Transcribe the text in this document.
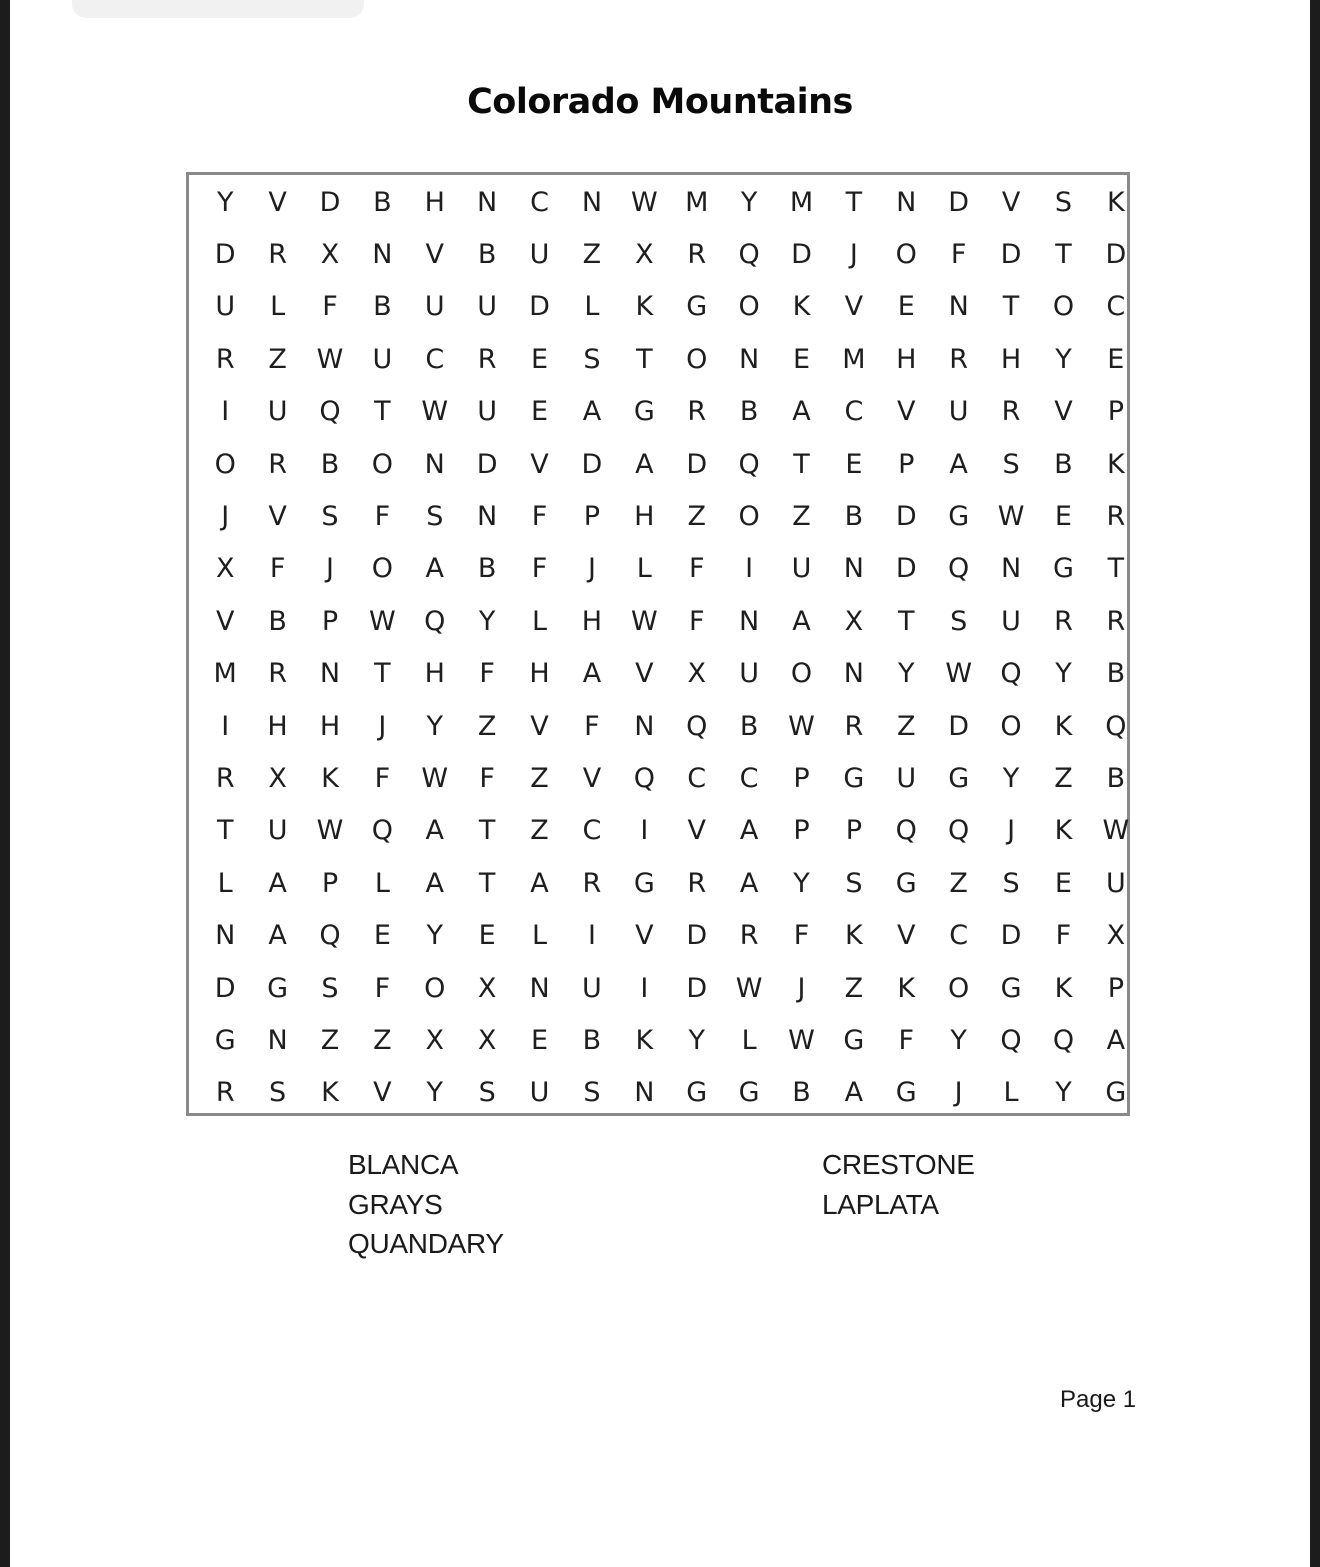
Colorado Mountains
Y	V	D	B	H	N	C	N	W	M	Y	M	T	N	D	V	S	K
D	R	X	N	V	B	U	Z	X	R	Q	D	J	O	F	D	T	D
U	L	F	B	U	U	D	L	K	G	O	K	V	E	N	T	O	C
R	Z	W	U	C	R	E	S	T	O	N	E	M	H	R	H	Y	E
I	U	Q	T	W	U	E	A	G	R	B	A	C	V	U	R	V	P
O	R	B	O	N	D	V	D	A	D	Q	T	E	P	A	S	B	K
J	V	S	F	S	N	F	P	H	Z	O	Z	B	D	G	W	E	R
X	F	J	O	A	B	F	J	L	F	I	U	N	D	Q	N	G	T
V	B	P	W	Q	Y	L	H	W	F	N	A	X	T	S	U	R	R
M	R	N	T	H	F	H	A	V	X	U	O	N	Y	W	Q	Y	B
I	H	H	J	Y	Z	V	F	N	Q	B	W	R	Z	D	O	K	Q
R	X	K	F	W	F	Z	V	Q	C	C	P	G	U	G	Y	Z	B
T	U	W	Q	A	T	Z	C	I	V	A	P	P	Q	Q	J	K	W
L	A	P	L	A	T	A	R	G	R	A	Y	S	G	Z	S	E	U
N	A	Q	E	Y	E	L	I	V	D	R	F	K	V	C	D	F	X
D	G	S	F	O	X	N	U	I	D	W	J	Z	K	O	G	K	P
G	N	Z	Z	X	X	E	B	K	Y	L	W	G	F	Y	Q	Q	A
R	S	K	V	Y	S	U	S	N	G	G	B	A	G	J	L	Y	G
BLANCA
GRAYS
QUANDARY
CRESTONE
LAPLATA
Page 1
